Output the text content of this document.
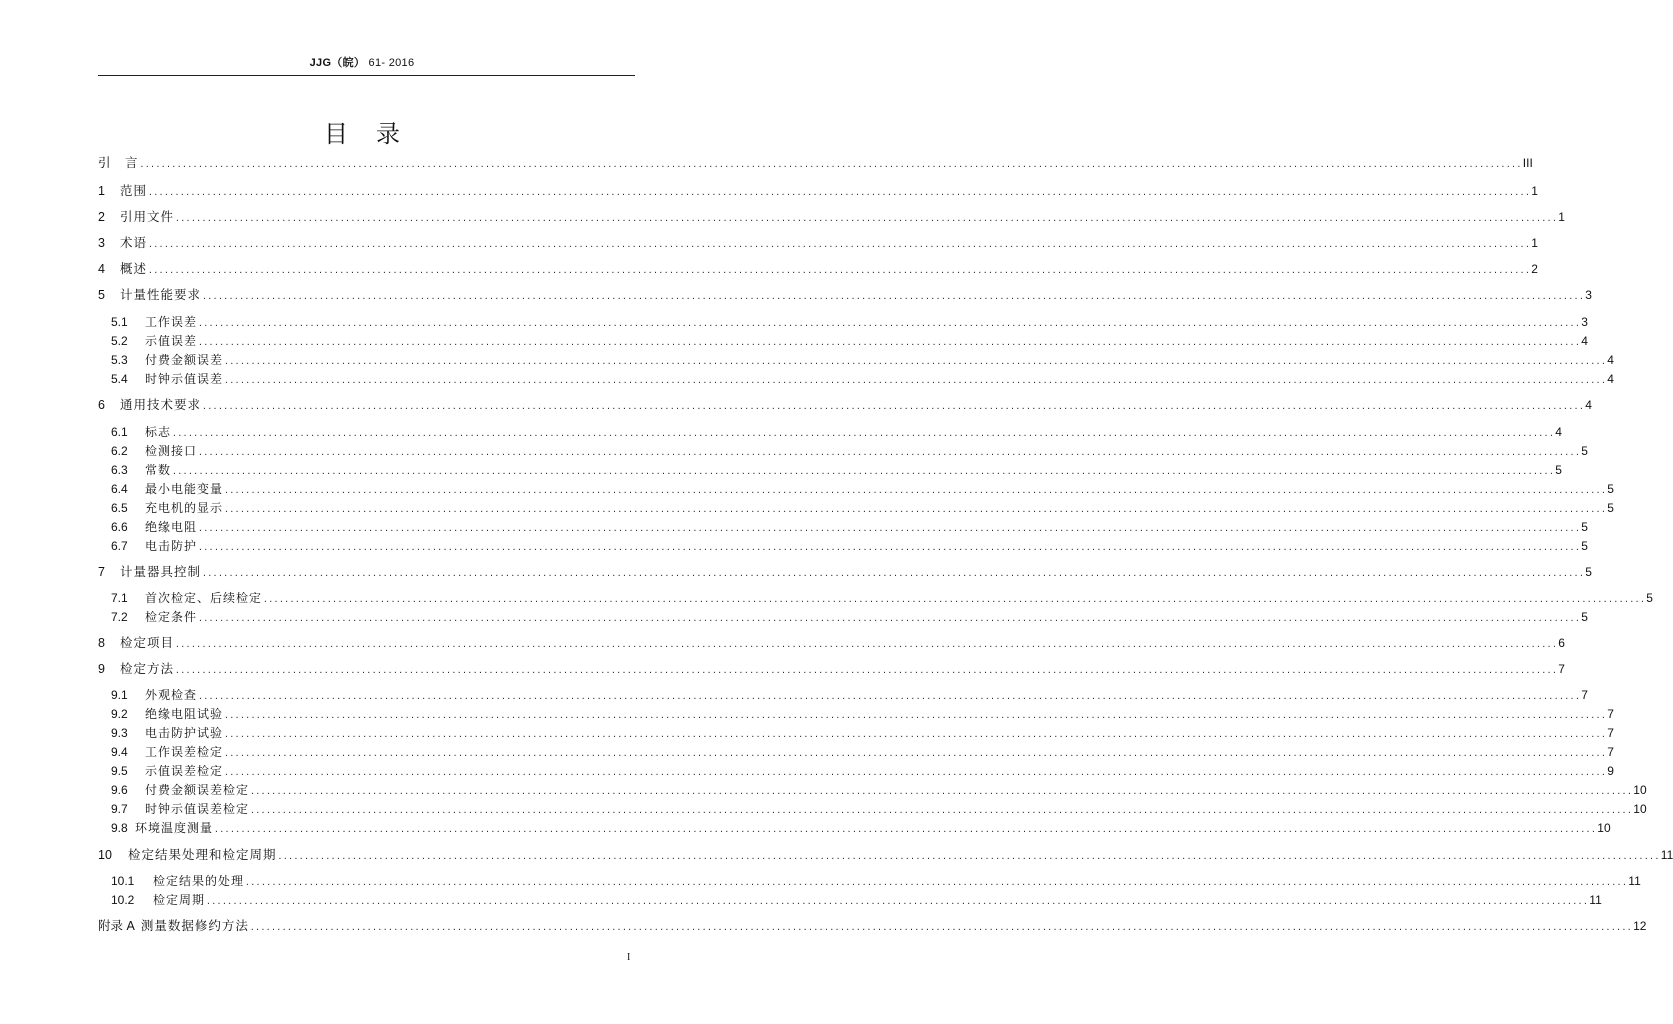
JJG（皖） 61- 2016
目录
引　言 .................................................................................................................................................................................................................................................................... III
1	范围 .................................................................................................................................................................................................................................................................... 1
2	引用文件 .................................................................................................................................................................................................................................................................... 1
3	术语 .................................................................................................................................................................................................................................................................... 1
4	概述 .................................................................................................................................................................................................................................................................... 2
5	计量性能要求 .................................................................................................................................................................................................................................................................... 3
5.1	工作误差 .................................................................................................................................................................................................................................................................... 3
5.2	示值误差 .................................................................................................................................................................................................................................................................... 4
5.3	付费金额误差 .................................................................................................................................................................................................................................................................... 4
5.4	时钟示值误差 .................................................................................................................................................................................................................................................................... 4
6	通用技术要求 .................................................................................................................................................................................................................................................................... 4
6.1	标志 .................................................................................................................................................................................................................................................................... 4
6.2	检测接口 .................................................................................................................................................................................................................................................................... 5
6.3	常数 .................................................................................................................................................................................................................................................................... 5
6.4	最小电能变量 .................................................................................................................................................................................................................................................................... 5
6.5	充电机的显示 .................................................................................................................................................................................................................................................................... 5
6.6	绝缘电阻 .................................................................................................................................................................................................................................................................... 5
6.7	电击防护 .................................................................................................................................................................................................................................................................... 5
7	计量器具控制 .................................................................................................................................................................................................................................................................... 5
7.1	首次检定、后续检定 .................................................................................................................................................................................................................................................................... 5
7.2	检定条件 .................................................................................................................................................................................................................................................................... 5
8	检定项目 .................................................................................................................................................................................................................................................................... 6
9	检定方法 .................................................................................................................................................................................................................................................................... 7
9.1	外观检查 .................................................................................................................................................................................................................................................................... 7
9.2	绝缘电阻试验 .................................................................................................................................................................................................................................................................... 7
9.3	电击防护试验 .................................................................................................................................................................................................................................................................... 7
9.4	工作误差检定 .................................................................................................................................................................................................................................................................... 7
9.5	示值误差检定 .................................................................................................................................................................................................................................................................... 9
9.6	付费金额误差检定 .................................................................................................................................................................................................................................................................... 10
9.7	时钟示值误差检定 .................................................................................................................................................................................................................................................................... 10
9.8 环境温度测量 .................................................................................................................................................................................................................................................................... 10
10	检定结果处理和检定周期 .................................................................................................................................................................................................................................................................... 11
10.1	检定结果的处理 .................................................................................................................................................................................................................................................................... 11
10.2	检定周期 .................................................................................................................................................................................................................................................................... 11
附录 A 测量数据修约方法 .................................................................................................................................................................................................................................................................... 12
I
